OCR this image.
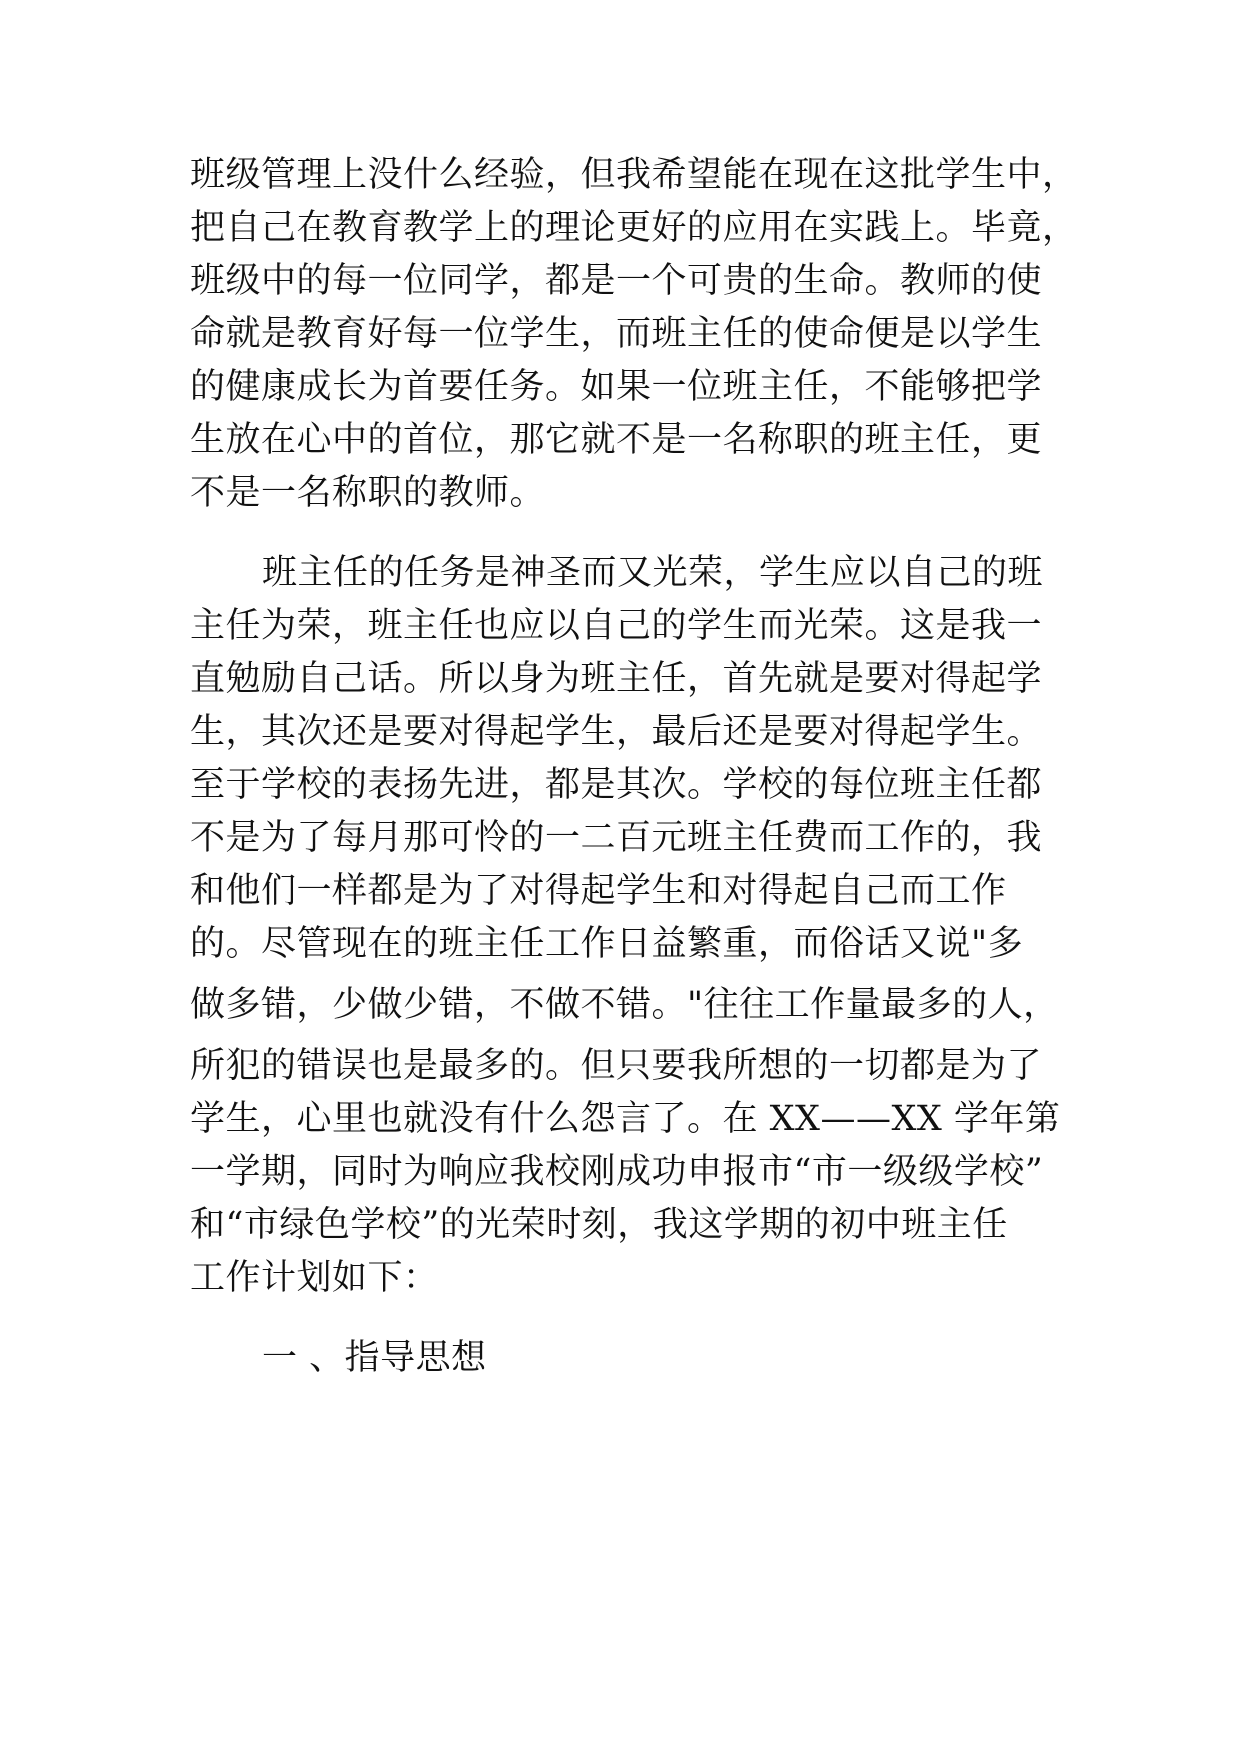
班级管理上没什么经验，但我希望能在现在这批学生中，
把自己在教育教学上的理论更好的应用在实践上。毕竟，
班级中的每一位同学，都是一个可贵的生命。教师的使
命就是教育好每一位学生，而班主任的使命便是以学生
的健康成长为首要任务。如果一位班主任，不能够把学
生放在心中的首位，那它就不是一名称职的班主任，更
不是一名称职的教师。
班主任的任务是神圣而又光荣，学生应以自己的班
主任为荣，班主任也应以自己的学生而光荣。这是我一
直勉励自己话。所以身为班主任，首先就是要对得起学
生，其次还是要对得起学生，最后还是要对得起学生。
至于学校的表扬先进，都是其次。学校的每位班主任都
不是为了每月那可怜的一二百元班主任费而工作的，我
和他们一样都是为了对得起学生和对得起自己而工作
的。尽管现在的班主任工作日益繁重，而俗话又说"多
做多错，少做少错，不做不错。"往往工作量最多的人，
所犯的错误也是最多的。但只要我所想的一切都是为了
学生，心里也就没有什么怨言了。在 XX——XX 学年第
一学期，同时为响应我校刚成功申报市“市一级级学校”
和“市绿色学校”的光荣时刻，我这学期的初中班主任
工作计划如下：
一 、指导思想
